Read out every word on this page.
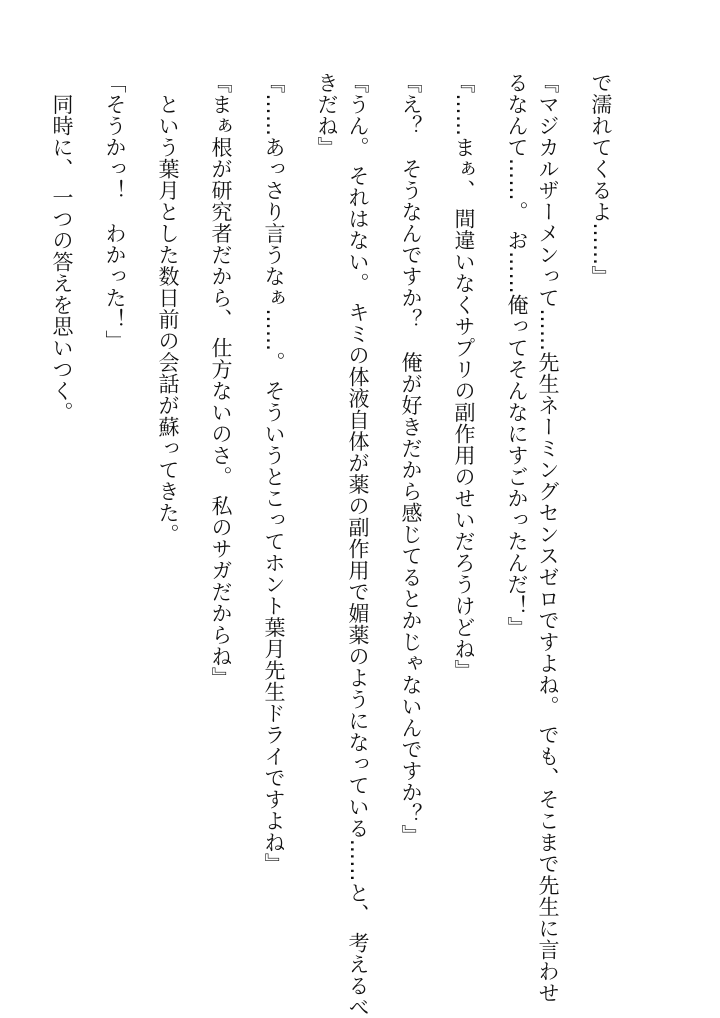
で濡れてくるよ……』

『マジカルザーメンって……先生ネーミングセンスゼロですよね。 でも、そこまで先生に言わせ

るなんて……。 お……俺ってそんなにすごかったんだ！』

『……まぁ、 間違いなくサプリの副作用のせいだろうけどね』

『え？　そうなんですか？　俺が好きだから感じてるとかじゃないんですか？』

『うん。 それはない。 キミの体液自体が薬の副作用で媚薬のようになっている……と、 考えるべ

きだね』

『……あっさり言うなぁ……。 そういうとこってホント葉月先生ドライですよね』

『まぁ根が研究者だから、 仕方ないのさ。 私のサガだからね』

　という葉月とした数日前の会話が蘇ってきた。

「そうかっ！　わかった！」

　同時に、 一つの答えを思いつく。
